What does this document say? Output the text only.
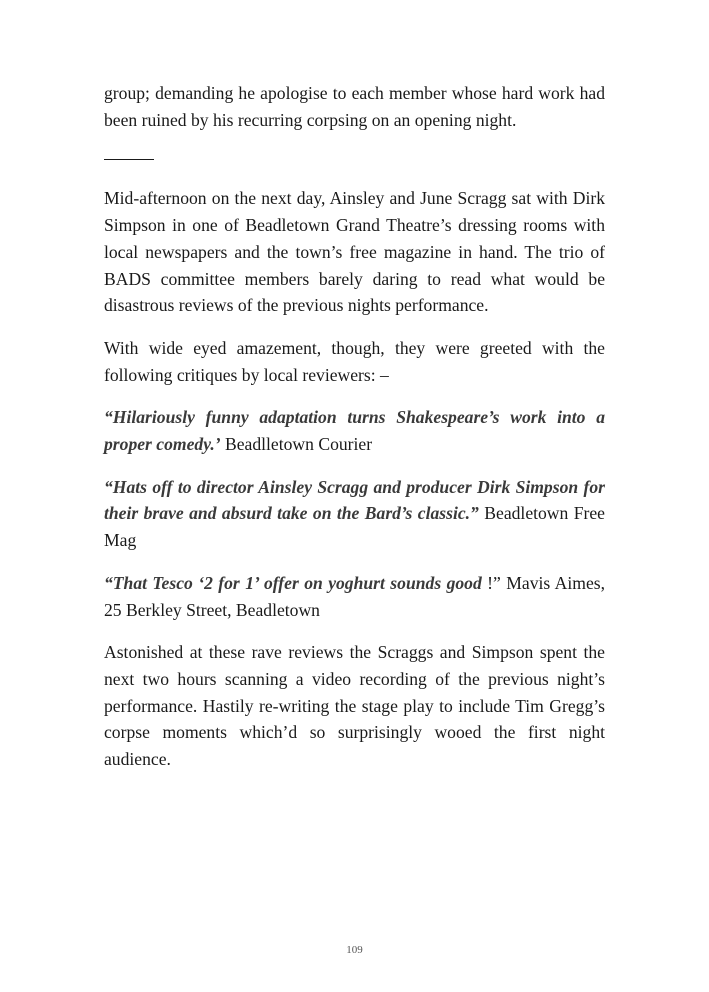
group; demanding he apologise to each member whose hard work had been ruined by his recurring corpsing on an opening night.

Mid-afternoon on the next day, Ainsley and June Scragg sat with Dirk Simpson in one of Beadletown Grand Theatre’s dressing rooms with local newspapers and the town’s free magazine in hand. The trio of BADS committee members barely daring to read what would be disastrous reviews of the previous nights performance.

With wide eyed amazement, though, they were greeted with the following critiques by local reviewers: –

“Hilariously funny adaptation turns Shakespeare’s work into a proper comedy.’ Beadlletown Courier

“Hats off to director Ainsley Scragg and producer Dirk Simpson for their brave and absurd take on the Bard’s classic.” Beadletown Free Mag

“That Tesco ‘2 for 1’ offer on yoghurt sounds good !” Mavis Aimes, 25 Berkley Street, Beadletown

Astonished at these rave reviews the Scraggs and Simpson spent the next two hours scanning a video recording of the previous night’s performance. Hastily re-writing the stage play to include Tim Gregg’s corpse moments which’d so surprisingly wooed the first night audience.

109
